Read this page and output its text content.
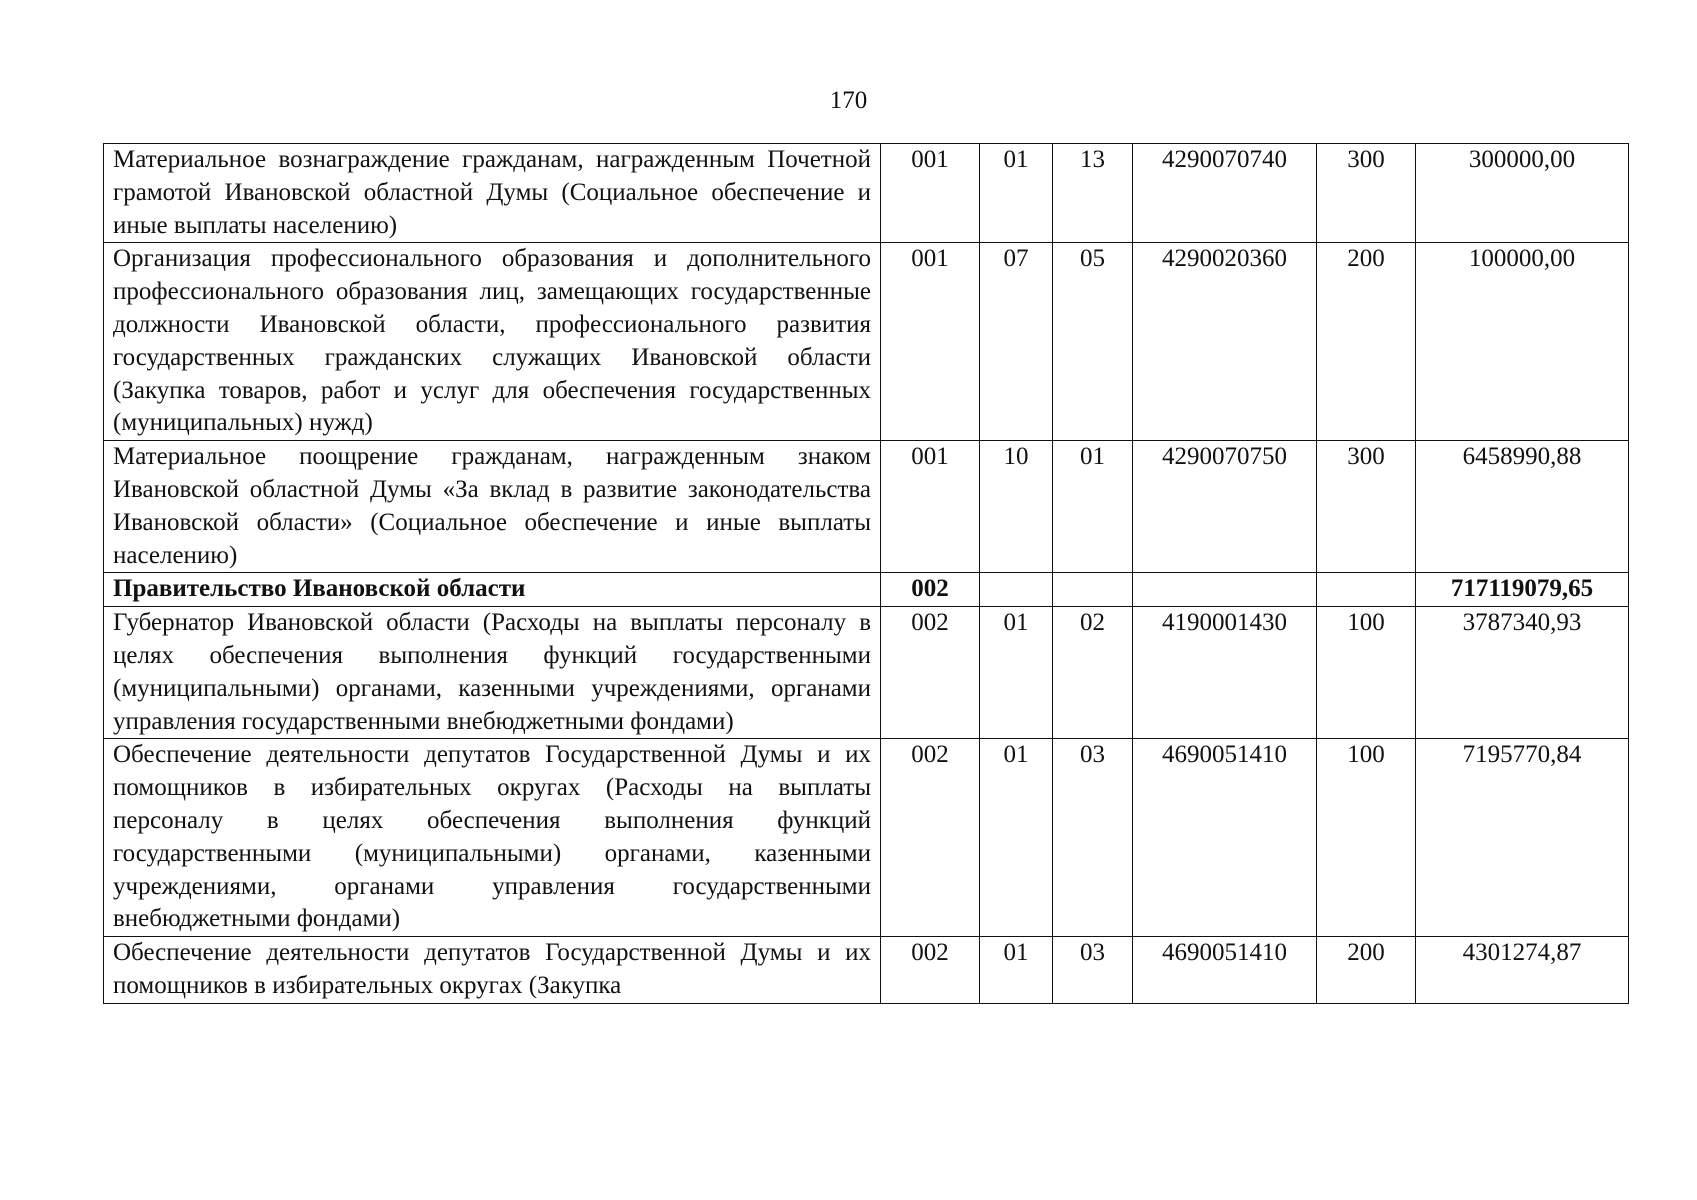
170
Материальное вознаграждение гражданам, награжденным Почетной грамотой Ивановской областной Думы (Социальное обеспечение и иные выплаты населению)	001	01	13	4290070740	300	300000,00
Организация профессионального образования и дополнительного профессионального образования лиц, замещающих государственные должности Ивановской области, профессионального развития государственных гражданских служащих Ивановской области (Закупка товаров, работ и услуг для обеспечения государственных (муниципальных) нужд)	001	07	05	4290020360	200	100000,00
Материальное поощрение гражданам, награжденным знаком Ивановской областной Думы «За вклад в развитие законодательства Ивановской области» (Социальное обеспечение и иные выплаты населению)	001	10	01	4290070750	300	6458990,88
Правительство Ивановской области	002					717119079,65
Губернатор Ивановской области (Расходы на выплаты персоналу в целях обеспечения выполнения функций государственными (муниципальными) органами, казенными учреждениями, органами управления государственными внебюджетными фондами)	002	01	02	4190001430	100	3787340,93
Обеспечение деятельности депутатов Государственной Думы и их помощников в избирательных округах (Расходы на выплаты персоналу в целях обеспечения выполнения функций государственными (муниципальными) органами, казенными учреждениями, органами управления государственными внебюджетными фондами)	002	01	03	4690051410	100	7195770,84

Обеспечение деятельности депутатов Государственной Думы и их помощников в избирательных округах (Закупка	002	01	03	4690051410	200	4301274,87
